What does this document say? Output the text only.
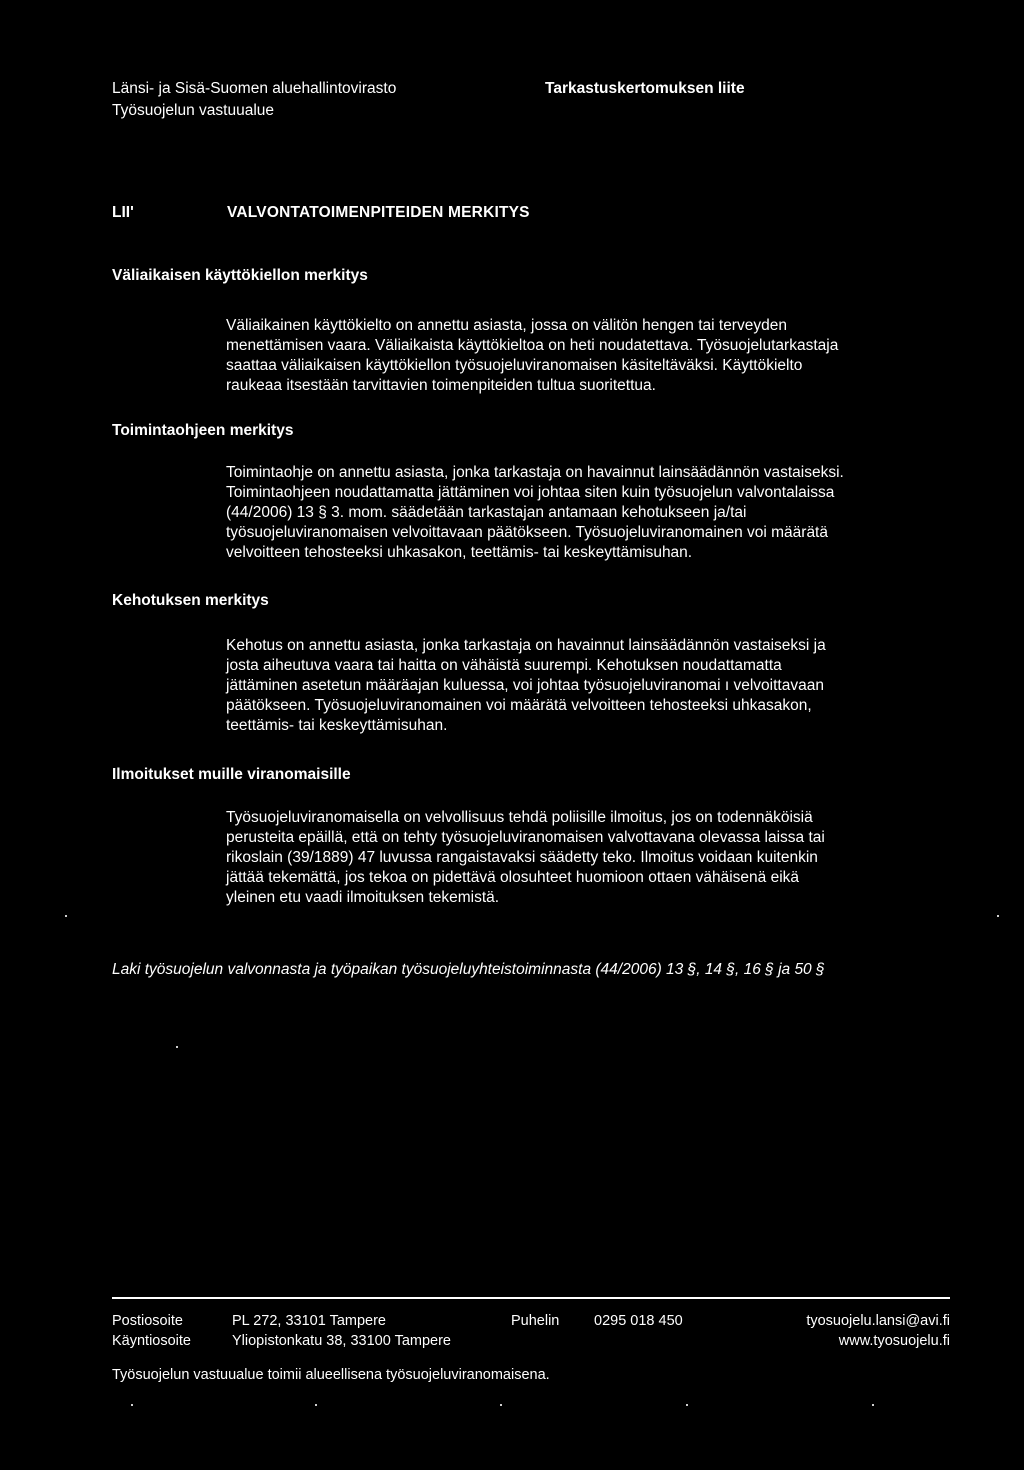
Länsi- ja Sisä-Suomen aluehallintovirasto
Työsuojelun vastuualue
Tarkastuskertomuksen liite
LII'	VALVONTATOIMENPITEIDEN MERKITYS
Väliaikaisen käyttökiellon merkitys
Väliaikainen käyttökielto on annettu asiasta, jossa on välitön hengen tai terveyden
menettämisen vaara. Väliaikaista käyttökieltoa on heti noudatettava. Työsuojelutarkastaja
saattaa väliaikaisen käyttökiellon työsuojeluviranomaisen käsiteltäväksi. Käyttökielto
raukeaa itsestään tarvittavien toimenpiteiden tultua suoritettua.
Toimintaohjeen merkitys
Toimintaohje on annettu asiasta, jonka tarkastaja on havainnut lainsäädännön vastaiseksi.
Toimintaohjeen noudattamatta jättäminen voi johtaa siten kuin työsuojelun valvontalaissa
(44/2006) 13 § 3. mom. säädetään tarkastajan antamaan kehotukseen ja/tai
työsuojeluviranomaisen velvoittavaan päätökseen. Työsuojeluviranomainen voi määrätä
velvoitteen tehosteeksi uhkasakon, teettämis- tai keskeyttämisuhan.
Kehotuksen merkitys
Kehotus on annettu asiasta, jonka tarkastaja on havainnut lainsäädännön vastaiseksi ja
josta aiheutuva vaara tai haitta on vähäistä suurempi. Kehotuksen noudattamatta
jättäminen asetetun määräajan kuluessa, voi johtaa työsuojeluviranomai ı velvoittavaan
päätökseen. Työsuojeluviranomainen voi määrätä velvoitteen tehosteeksi uhkasakon,
teettämis- tai keskeyttämisuhan.
Ilmoitukset muille viranomaisille
Työsuojeluviranomaisella on velvollisuus tehdä poliisille ilmoitus, jos on todennäköisiä
perusteita epäillä, että on tehty työsuojeluviranomaisen valvottavana olevassa laissa tai
rikoslain (39/1889) 47 luvussa rangaistavaksi säädetty teko. Ilmoitus voidaan kuitenkin
jättää tekemättä, jos tekoa on pidettävä olosuhteet huomioon ottaen vähäisenä eikä
yleinen etu vaadi ilmoituksen tekemistä.
Laki työsuojelun valvonnasta ja työpaikan työsuojeluyhteistoiminnasta (44/2006) 13 §, 14 §, 16 § ja 50 §
Postiosoite	PL 272, 33101 Tampere	Puhelin 0295 018 450	tyosuojelu.lansi@avi.fi
Käyntiosoite	Yliopistonkatu 38, 33100 Tampere	www.tyosuojelu.fi
Työsuojelun vastuualue toimii alueellisena työsuojeluviranomaisena.
